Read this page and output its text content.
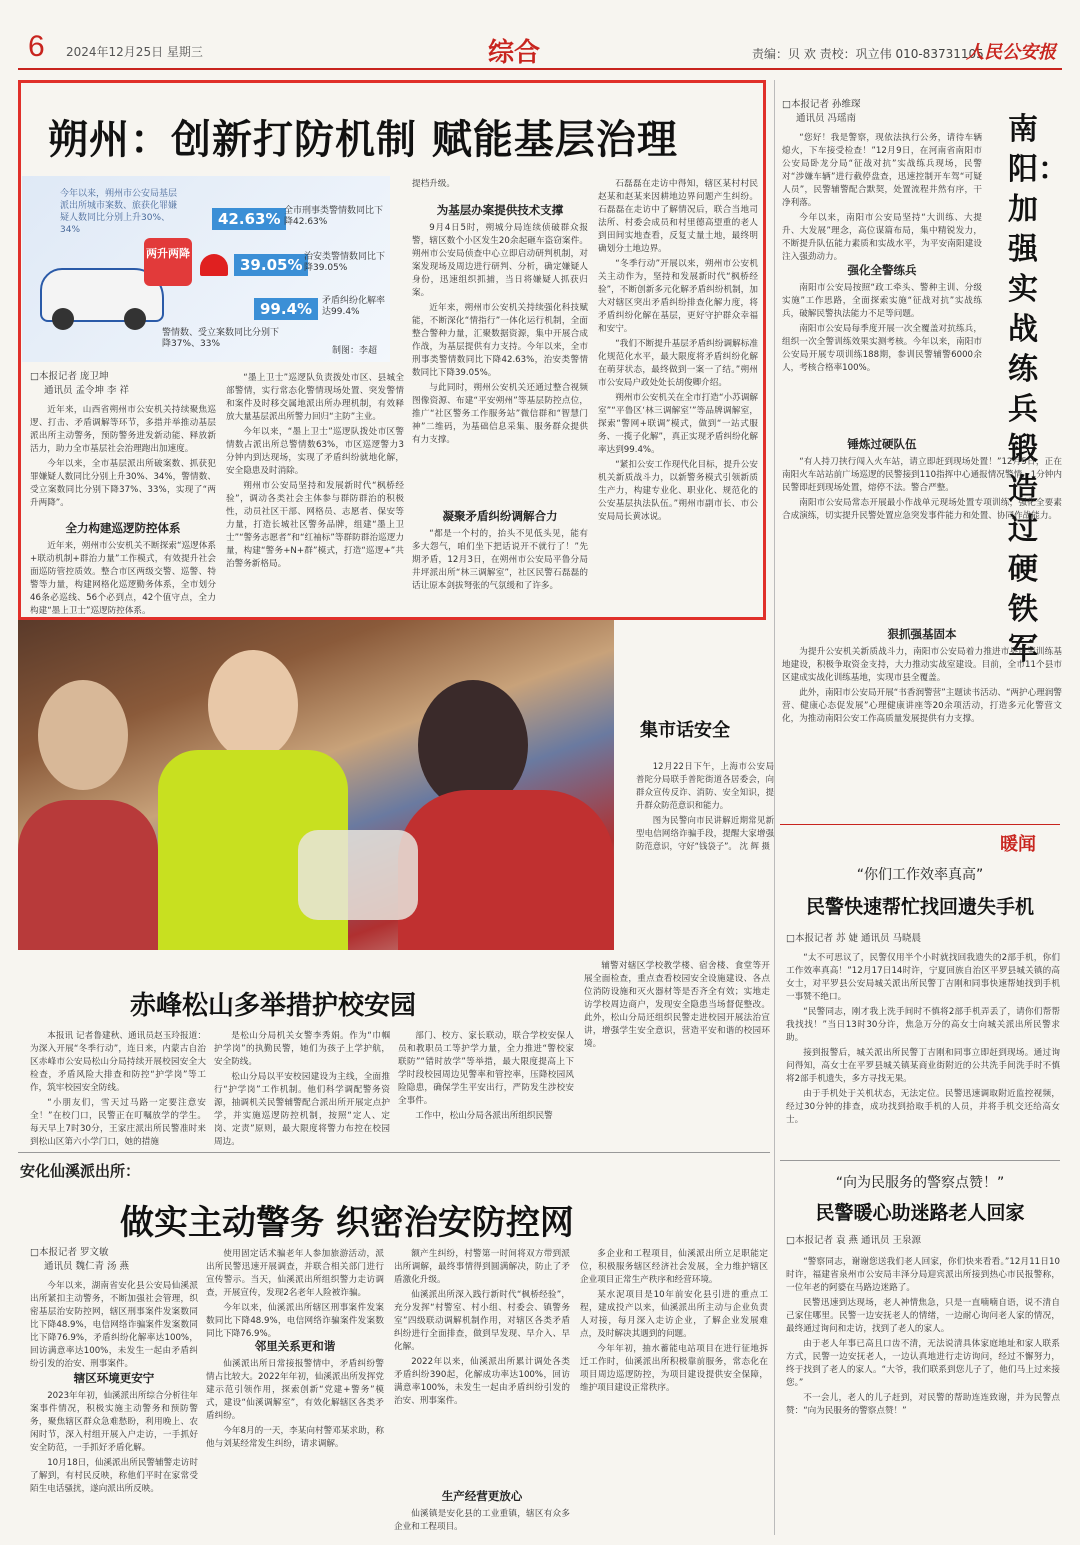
6 2024年12月25日 星期三	综合	责编：贝 欢 责校：巩立伟 010-83731105
人民公安报
朔州：创新打防机制 赋能基层治理
今年以来，朔州市公安局基层派出所城市案数、旅获化罪嫌疑人数同比分别上升30%、34%
两升两降
42.63% 全市刑事类警情数同比下降42.63%
39.05% 治安类警情数同比下降39.05%
99.4%	矛盾纠纷化解率达99.4%
警情数、受立案数同比分别下降37%、33%
制图：李超
□本报记者 庞卫坤
通讯员 孟令坤 李 祥

近年来，山西省朔州市公安机关持续聚焦巡逻、打击、矛盾调解等环节，多措并举推动基层派出所主动警务，预防警务进发新动能、释放新活力，助力全市基层社会治理跑出加速度。

今年以来，全市基层派出所破案数、抓获犯罪嫌疑人数同比分别上升30%、34%，警情数、受立案数同比分别下降37%、33%，实现了“两升两降”。

全力构建巡逻防控体系

近年来，朔州市公安机关不断探索“巡逻体系+联动机制+群治力量”工作模式，有效提升社会面巡防管控质效。整合市区两级交警、巡警、特警等力量，构建网格化巡逻勤务体系，全市划分46条必巡线、56个必到点，42个值守点，全力构建“墨上卫士”巡逻防控体系。

“墨上卫士”巡逻队负责拨处市区、县城全部警情，实行常态化警情现场处置、突发警情和案件及时移交属地派出所办理机制，有效释放大量基层派出所警力回归“主防”主业。

今年以来，“墨上卫士”巡逻队拨处市区警情数占派出所总警情数63%，市区巡逻警力3分钟内到达现场，实现了矛盾纠纷就地化解，安全隐患及时消除。

朔州市公安局坚持和发展新时代“枫桥经验”，调动各类社会主体参与群防群治的积极性，动员社区干部、网格员、志愿者、保安等力量，打造长城社区警务品牌，组建“墨上卫士”“警务志愿者”和“红袖标”等群防群治巡逻力量，构建“警务+N+群”模式，打造“巡逻+”共治警务新格局。

提档升级。

为基层办案提供技术支撑

9月4日5时，朔城分局连续侦破群众报警，辖区数个小区发生20余起砸车盗窃案件。朔州市公安局侦查中心立即启动研判机制，对案发现场及周边进行研判、分析，确定嫌疑人身份，迅速组织抓捕，当日将嫌疑人抓获归案。

近年来，朔州市公安机关持续强化科技赋能，不断深化“情指行”一体化运行机制，全面整合警种力量，汇聚数据资源，集中开展合成作战，为基层提供有力支持。今年以来，全市刑事类警情数同比下降42.63%，治安类警情数同比下降39.05%。

与此同时，朔州公安机关还通过整合视频图像资源、布建“平安朔州”等基层防控点位，推广“社区警务工作服务站”微信群和“智慧门神”二维码，为基础信息采集、服务群众提供有力支撑。

凝聚矛盾纠纷调解合力

“都是一个村的，抬头不见低头见，能有多大怨气，咱们坐下把话说开不就行了！”先期矛盾，12月3日，在朔州市公安局平鲁分局井坪派出所“林三调解室”，社区民警石磊磊的话让原本剑拔弩张的气氛缓和了许多。

石磊磊在走访中得知，辖区某村村民赵某和赵某来因耕地边界问题产生纠纷。石磊磊在走访中了解情况后，联合当地司法所、村委会成员和村里德高望重的老人到田间实地查看，反复丈量土地，最终明确划分土地边界。

“冬季行动”开展以来，朔州市公安机关主动作为，坚持和发展新时代“枫桥经验”，不断创新多元化解矛盾纠纷机制，加大对辖区突出矛盾纠纷排查化解力度，将矛盾纠纷化解在基层，更好守护群众幸福和安宁。

“我们不断提升基层矛盾纠纷调解标准化规范化水平，最大限度将矛盾纠纷化解在萌芽状态，最终做到一案一了结。”朔州市公安局户政处处长胡俊卿介绍。

朔州市公安机关在全市打造“小苏调解室”“平鲁区‘林三调解室’”等品牌调解室，探索“警网+联调”模式，做到“一站式服务、一揽子化解”，真正实现矛盾纠纷化解率达到99.4%。

“紧扣公安工作现代化目标，提升公安机关新质战斗力，以新警务模式引领新质生产力，构建专业化、职业化、规范化的公安基层执法队伍。”朔州市副市长、市公安局局长黄冰说。

□本报记者 孙维琛
通讯员 冯瑶南	南阳：加强实战练兵 锻造过硬铁军

“您好！我是警察，现依法执行公务，请待车辆熄火，下车接受检查！”12月9日，在河南省南阳市公安局卧龙分局“征战对抗”实战练兵现场，民警对“涉嫌车辆”进行截停盘查，迅速控制开车驾“可疑人员”，民警辅警配合默契，处置流程井然有序，干净利落。

今年以来，南阳市公安局坚持“大训练、大提升、大发展”理念，高位谋篇布局，集中精锐发力，不断提升队伍能力素质和实战水平，为平安南阳建设注入强劲动力。

强化全警练兵

南阳市公安局按照“政工牵头、警种主训、分级实施”工作思路，全面探索实施“征战对抗”实战练兵，破解民警执法能力不足等问题。

南阳市公安局每季度开展一次全覆盖对抗练兵，组织一次全警训练效果实测考核。今年以来，南阳市公安局开展专项训练188期，参训民警辅警6000余人，考核合格率100%。

锤炼过硬队伍

“有人持刀挟行闯入火车站，请立即赶到现场处置！”12月5日，正在南阳火车站站前广场巡逻的民警接到110指挥中心通报情况警情，1分钟内民警即赶到现场处置，熔停不法。警合严整。

南阳市公安局常态开展最小作战单元现场处置专项训练，强化全要素合成演练，切实提升民警处置应急突发事件能力和处置、协同作战能力。

狠抓强基固本

为提升公安机关新质战斗力，南阳市公安局着力推进市县民警训练基地建设，积极争取资金支持，大力推动实战室建设。目前，全市11个县市区建成实战化训练基地，实现市县全覆盖。

此外，南阳市公安局开展“书香润警营”主题读书活动、“两护心理润警营、健康心态促发展”心理健康讲座等20余项活动，打造多元化警营文化，为推动南阳公安工作高质量发展提供有力支撑。

集市话安全

12月22日下午，上海市公安局普陀分局联手普陀街道各居委会，向群众宣传反诈、消防、安全知识，提升群众防范意识和能力。

图为民警向市民讲解近期常见新型电信网络诈骗手段，提醒大家增强防范意识，守好“钱袋子”。 沈 辉 摄	暖闻
“你们工作效率真高”
民警快速帮忙找回遗失手机
□本报记者 苏 婕 通讯员 马晓晨

“太不可思议了，民警仅用半个小时就找回我遗失的2部手机，你们工作效率真高！”12月17日14时许，宁夏回族自治区平罗县城关镇的高女士，对平罗县公安局城关派出所民警丁吉刚和同事快速帮她找到手机一事赞不绝口。

“民警同志，刚才我上洗手间时不慎将2部手机弄丢了，请你们帮帮我找找！”当日13时30分许，焦急万分的高女士向城关派出所民警求助。

接到报警后，城关派出所民警丁吉刚和同事立即赶到现场。通过询问得知，高女士在平罗县城关镇某商业街附近的公共洗手间洗手时不慎将2部手机遗失，多方寻找无果。

由于手机处于关机状态，无法定位。民警迅速调取附近监控视频，经过30分钟的排查，成功找到拾取手机的人员，并将手机交还给高女士。

“向为民服务的警察点赞！”
民警暖心助迷路老人回家
□本报记者 袁 燕 通讯员 王泉源

“警察同志，谢谢您送我们老人回家，你们快来看看。”12月11日10时许，福建省泉州市公安局丰泽分局迎宾派出所接到热心市民报警称，一位年老的阿婆在马路边迷路了。

民警迅速到达现场，老人神情焦急，只是一直喃喃自语，说不清自己家住哪里。民警一边安抚老人的情绪，一边耐心询问老人家的情况，最终通过询问和走访，找到了老人的家人。

由于老人年事已高且口齿不清，无法说清具体家庭地址和家人联系方式，民警一边安抚老人，一边认真地进行走访询问，经过不懈努力，终于找到了老人的家人。“大爷，我们联系到您儿子了，他们马上过来接您。”

不一会儿，老人的儿子赶到，对民警的帮助连连致谢，并为民警点赞：“向为民服务的警察点赞！”

赤峰松山多举措护校安园

本报讯 记者鲁建秋、通讯员赵玉玲报道：为深入开展“冬季行动”，连日来，内蒙古自治区赤峰市公安局松山分局持续开展校园安全大检查，矛盾风险大排查和防控“护学岗”等工作，筑牢校园安全防线。

“小朋友们，雪天过马路一定要注意安全！”在校门口，民警正在叮嘱放学的学生。每天早上7时30分，王家庄派出所民警准时来到松山区第六小学门口，她的措施

是松山分局机关女警李秀娟。作为“巾帼护学岗”的执勤民警，她们为孩子上学护航，安全防线。

松山分局以平安校园建设为主线，全面推行“护学岗”工作机制。他们科学调配警务资源，抽调机关民警辅警配合派出所开展定点护学，并实施巡逻防控机制，按照“定人、定岗、定责”原则，最大限度将警力布控在校园周边。

部门、校方、家长联动，联合学校安保人员和教职员工等护学力量，全力推进“警校家联防”“错时放学”等举措，最大限度提高上下学时段校园周边见警率和管控率，压降校园风险隐患，确保学生平安出行，严防发生涉校安全事件。

工作中，松山分局各派出所组织民警

辅警对辖区学校教学楼、宿舍楼、食堂等开展全面检查，重点查看校园安全设施建设、各点位消防设施和灭火器材等是否齐全有效；实地走访学校周边商户，发现安全隐患当场督促整改。此外，松山分局还组织民警走进校园开展法治宣讲，增强学生安全意识，营造平安和谐的校园环境。

安化仙溪派出所：
做实主动警务 织密治安防控网
□本报记者 罗文敏
通讯员 魏仁青 汤 燕

今年以来，湖南省安化县公安局仙溪派出所紧扣主动警务，不断加强社会管理，织密基层治安防控网，辖区刑事案件发案数同比下降48.9%，电信网络诈骗案件发案数同比下降76.9%，矛盾纠纷化解率达100%，回访满意率达100%，未发生一起由矛盾纠纷引发的治安、刑事案件。

辖区环境更安宁

2023年年初，仙溪派出所综合分析往年案事件情况，积极实施主动警务和预防警务，聚焦辖区群众急难愁盼，利用晚上、农闲时节，深入村组开展入户走访，一手抓好安全防范，一手抓好矛盾化解。

10月18日，仙溪派出所民警辅警走访时了解到，有村民反映，称他们平时在家常受陌生电话骚扰，遂向派出所反映。

使用固定话术骗老年人参加旅游活动，派出所民警迅速开展调查，并联合相关部门进行宣传警示。当天，仙溪派出所组织警力走访调查，开展宣传，发现2名老年人险被诈骗。

今年以来，仙溪派出所辖区刑事案件发案数同比下降48.9%，电信网络诈骗案件发案数同比下降76.9%。

邻里关系更和谐

仙溪派出所日常接报警情中，矛盾纠纷警情占比较大。2022年年初，仙溪派出所发挥党建示范引领作用，探索创新“党建+警务”模式，建设“仙溪调解室”，有效化解辖区各类矛盾纠纷。

今年8月的一天，李某向村警邓某求助，称他与刘某经常发生纠纷，请求调解。

额产生纠纷，村警第一时间将双方带到派出所调解，最终事情得到圆满解决，防止了矛盾激化升级。

仙溪派出所深入践行新时代“枫桥经验”，充分发挥“村警室、村小组、村委会、镇警务室”四级联动调解机制作用，对辖区各类矛盾纠纷进行全面排查，做到早发现、早介入、早化解。

2022年以来，仙溪派出所累计调处各类矛盾纠纷390起，化解成功率达100%，回访满意率100%，未发生一起由矛盾纠纷引发的治安、刑事案件。

生产经营更放心

仙溪镇是安化县的工业重镇，辖区有众多企业和工程项目。

多企业和工程项目，仙溪派出所立足职能定位，积极服务辖区经济社会发展，全力维护辖区企业项目正常生产秩序和经营环境。

某水泥项目是10年前安化县引进的重点工程，建成投产以来，仙溪派出所主动与企业负责人对接，每月深入走访企业，了解企业发展难点，及时解决其遇到的问题。

今年年初，抽水蓄能电站项目在进行征地拆迁工作时，仙溪派出所积极靠前服务，常态化在项目周边巡逻防控，为项目建设提供安全保障，维护项目建设正常秩序。
